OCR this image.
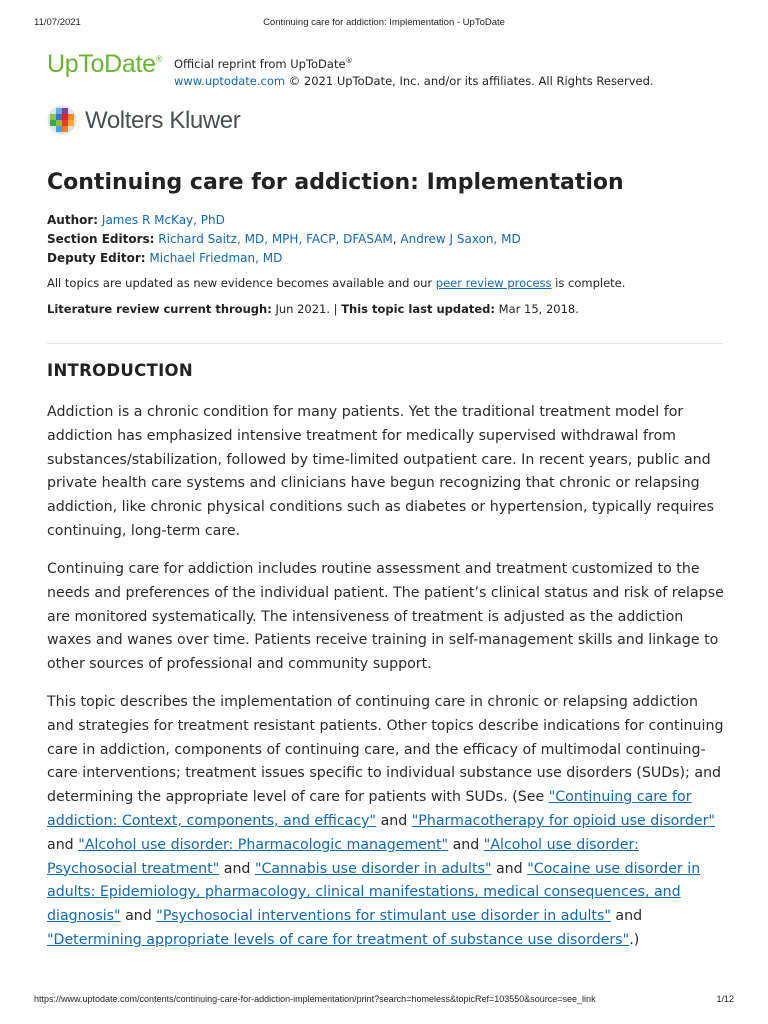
11/07/2021	Continuing care for addiction: Implementation - UpToDate
UpToDate® Official reprint from UpToDate®
www.uptodate.com © 2021 UpToDate, Inc. and/or its affiliates. All Rights Reserved.
Wolters Kluwer
Continuing care for addiction: Implementation
Author: James R McKay, PhD
Section Editors: Richard Saitz, MD, MPH, FACP, DFASAM, Andrew J Saxon, MD
Deputy Editor: Michael Friedman, MD
All topics are updated as new evidence becomes available and our peer review process is complete.
Literature review current through: Jun 2021. | This topic last updated: Mar 15, 2018.
INTRODUCTION

Addiction is a chronic condition for many patients. Yet the traditional treatment model for addiction has emphasized intensive treatment for medically supervised withdrawal from substances/stabilization, followed by time-limited outpatient care. In recent years, public and private health care systems and clinicians have begun recognizing that chronic or relapsing addiction, like chronic physical conditions such as diabetes or hypertension, typically requires continuing, long-term care.

Continuing care for addiction includes routine assessment and treatment customized to the needs and preferences of the individual patient. The patient’s clinical status and risk of relapse are monitored systematically. The intensiveness of treatment is adjusted as the addiction waxes and wanes over time. Patients receive training in self-management skills and linkage to other sources of professional and community support.

This topic describes the implementation of continuing care in chronic or relapsing addiction and strategies for treatment resistant patients. Other topics describe indications for continuing care in addiction, components of continuing care, and the efficacy of multimodal continuing-care interventions; treatment issues specific to individual substance use disorders (SUDs); and determining the appropriate level of care for patients with SUDs. (See "Continuing care for addiction: Context, components, and efficacy" and "Pharmacotherapy for opioid use disorder" and "Alcohol use disorder: Pharmacologic management" and "Alcohol use disorder: Psychosocial treatment" and "Cannabis use disorder in adults" and "Cocaine use disorder in adults: Epidemiology, pharmacology, clinical manifestations, medical consequences, and diagnosis" and "Psychosocial interventions for stimulant use disorder in adults" and "Determining appropriate levels of care for treatment of substance use disorders".)

https://www.uptodate.com/contents/continuing-care-for-addiction-implementation/print?search=homeless&topicRef=103550&source=see_link	1/12
